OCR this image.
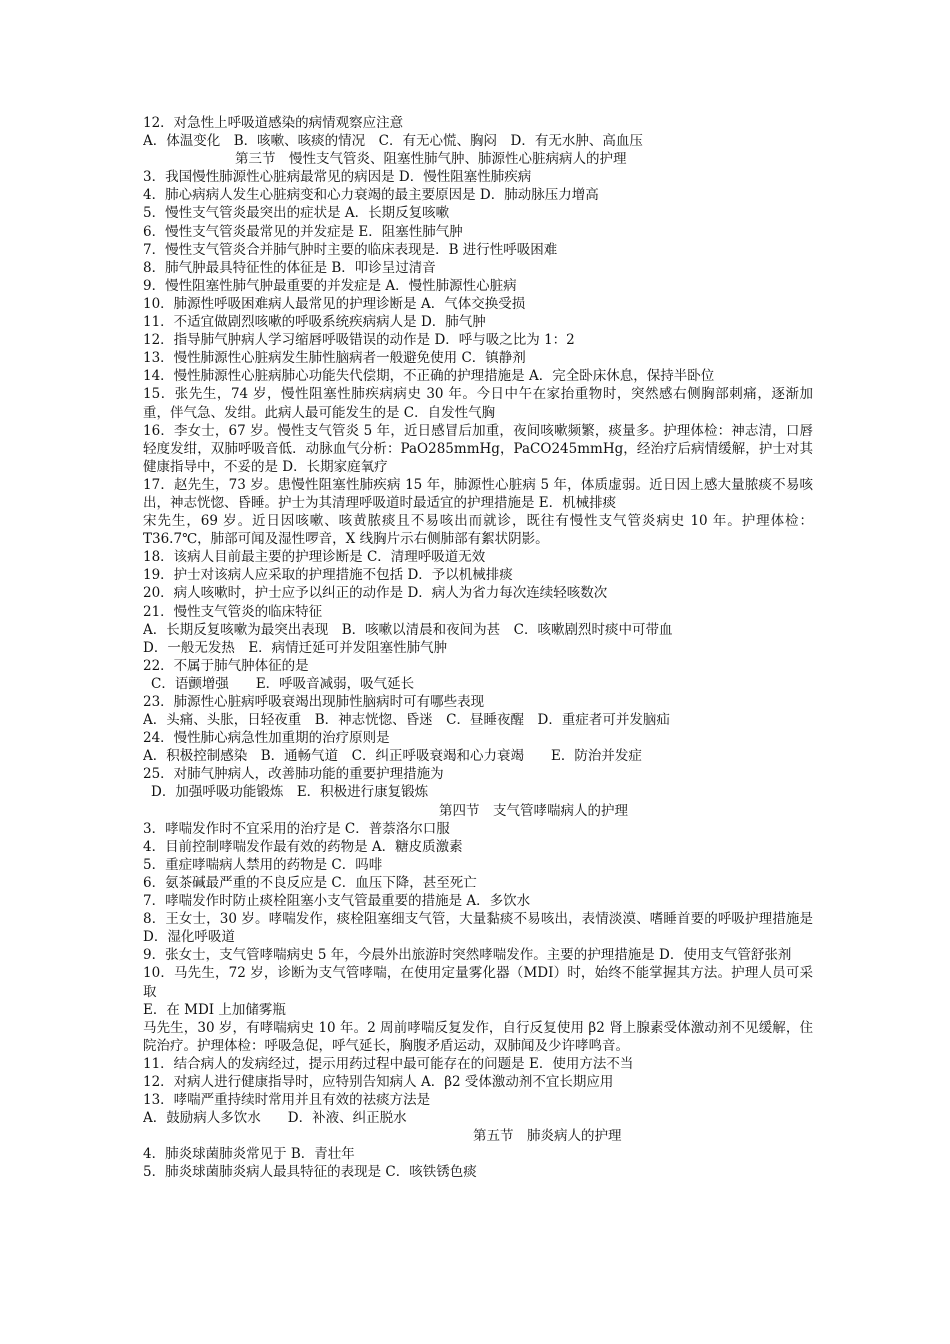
12．对急性上呼吸道感染的病情观察应注意
A．体温变化　B．咳嗽、咳痰的情况　C．有无心慌、胸闷　D．有无水肿、高血压
第三节　慢性支气管炎、阻塞性肺气肿、肺源性心脏病病人的护理
3．我国慢性肺源性心脏病最常见的病因是 D．慢性阻塞性肺疾病
4．肺心病病人发生心脏病变和心力衰竭的最主要原因是 D．肺动脉压力增高
5．慢性支气管炎最突出的症状是 A．长期反复咳嗽
6．慢性支气管炎最常见的并发症是 E．阻塞性肺气肿
7．慢性支气管炎合并肺气肿时主要的临床表现是．B 进行性呼吸困难
8．肺气肿最具特征性的体征是 B．叩诊呈过清音
9．慢性阻塞性肺气肿最重要的并发症是 A．慢性肺源性心脏病
10．肺源性呼吸困难病人最常见的护理诊断是 A．气体交换受损
11．不适宜做剧烈咳嗽的呼吸系统疾病病人是 D．肺气肿
12．指导肺气肿病人学习缩唇呼吸错误的动作是 D．呼与吸之比为 1：2
13．慢性肺源性心脏病发生肺性脑病者一般避免使用 C．镇静剂
14．慢性肺源性心脏病肺心功能失代偿期，不正确的护理措施是 A．完全卧床休息，保持半卧位
15．张先生，74 岁，慢性阻塞性肺疾病病史 30 年。今日中午在家抬重物时，突然感右侧胸部刺痛，逐渐加重，伴气急、发绀。此病人最可能发生的是 C．自发性气胸
16．李女士，67 岁。慢性支气管炎 5 年，近日感冒后加重，夜间咳嗽频繁，痰量多。护理体检：神志清，口唇轻度发绀，双肺呼吸音低．动脉血气分析：PaO285mmHg，PaCO245mmHg，经治疗后病情缓解，护士对其健康指导中，不妥的是 D．长期家庭氧疗
17．赵先生，73 岁。患慢性阻塞性肺疾病 15 年，肺源性心脏病 5 年，体质虚弱。近日因上感大量脓痰不易咳出，神志恍惚、昏睡。护士为其清理呼吸道时最适宜的护理措施是 E．机械排痰
宋先生，69 岁。近日因咳嗽、咳黄脓痰且不易咳出而就诊，既往有慢性支气管炎病史 10 年。护理体检：T36.7℃，肺部可闻及湿性啰音，X 线胸片示右侧肺部有絮状阴影。
18．该病人目前最主要的护理诊断是 C．清理呼吸道无效
19．护士对该病人应采取的护理措施不包括 D．予以机械排痰
20．病人咳嗽时，护士应予以纠正的动作是 D．病人为省力每次连续轻咳数次
21．慢性支气管炎的临床特征
A．长期反复咳嗽为最突出表现　B．咳嗽以清晨和夜间为甚　C．咳嗽剧烈时痰中可带血
D．一般无发热　E．病情迁延可并发阻塞性肺气肿
22．不属于肺气肿体征的是
C．语颤增强　　E．呼吸音减弱，吸气延长
23．肺源性心脏病呼吸衰竭出现肺性脑病时可有哪些表现
A．头痛、头胀，日轻夜重　B．神志恍惚、昏迷　C．昼睡夜醒　D．重症者可并发脑疝
24．慢性肺心病急性加重期的治疗原则是
A．积极控制感染　B．通畅气道　C．纠正呼吸衰竭和心力衰竭　　E．防治并发症
25．对肺气肿病人，改善肺功能的重要护理措施为
D．加强呼吸功能锻炼　E．积极进行康复锻炼
第四节　支气管哮喘病人的护理
3．哮喘发作时不宜采用的治疗是 C．普萘洛尔口服
4．目前控制哮喘发作最有效的药物是 A．糖皮质激素
5．重症哮喘病人禁用的药物是 C．吗啡
6．氨茶碱最严重的不良反应是 C．血压下降，甚至死亡
7．哮喘发作时防止痰栓阻塞小支气管最重要的措施是 A．多饮水
8．王女士，30 岁。哮喘发作，痰栓阻塞细支气管，大量黏痰不易咳出，表情淡漠、嗜睡首要的呼吸护理措施是 D．湿化呼吸道
9．张女士，支气管哮喘病史 5 年，今晨外出旅游时突然哮喘发作。主要的护理措施是 D．使用支气管舒张剂
10．马先生，72 岁，诊断为支气管哮喘，在使用定量雾化器（MDI）时，始终不能掌握其方法。护理人员可采取
E．在 MDI 上加储雾瓶
马先生，30 岁，有哮喘病史 10 年。2 周前哮喘反复发作，自行反复使用 β2 肾上腺素受体激动剂不见缓解，住院治疗。护理体检：呼吸急促，呼气延长，胸腹矛盾运动，双肺闻及少许哮鸣音。
11．结合病人的发病经过，提示用药过程中最可能存在的问题是 E．使用方法不当
12．对病人进行健康指导时，应特别告知病人 A．β2 受体激动剂不宜长期应用
13．哮喘严重持续时常用并且有效的祛痰方法是
A．鼓励病人多饮水　　D．补液、纠正脱水
第五节　肺炎病人的护理
4．肺炎球菌肺炎常见于 B．青壮年
5．肺炎球菌肺炎病人最具特征的表现是 C．咳铁锈色痰
